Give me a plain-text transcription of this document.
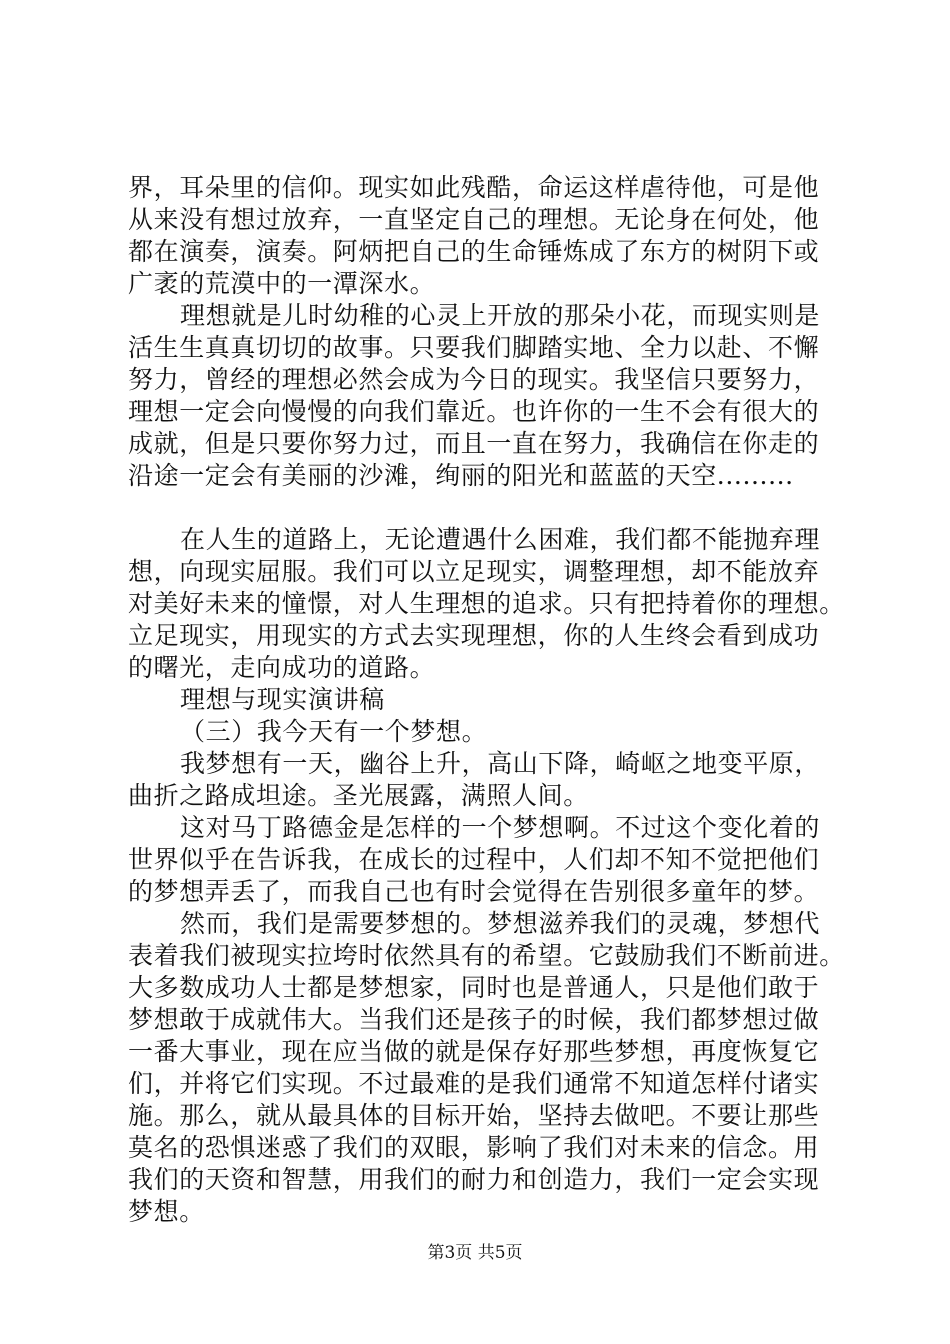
界，耳朵里的信仰。现实如此残酷，命运这样虐待他，可是他
从来没有想过放弃，一直坚定自己的理想。无论身在何处，他
都在演奏，演奏。阿炳把自己的生命锤炼成了东方的树阴下或
广袤的荒漠中的一潭深水。
理想就是儿时幼稚的心灵上开放的那朵小花，而现实则是
活生生真真切切的故事。只要我们脚踏实地、全力以赴、不懈
努力，曾经的理想必然会成为今日的现实。我坚信只要努力，
理想一定会向慢慢的向我们靠近。也许你的一生不会有很大的
成就，但是只要你努力过，而且一直在努力，我确信在你走的
沿途一定会有美丽的沙滩，绚丽的阳光和蓝蓝的天空.........
在人生的道路上，无论遭遇什么困难，我们都不能抛弃理
想，向现实屈服。我们可以立足现实，调整理想，却不能放弃
对美好未来的憧憬，对人生理想的追求。只有把持着你的理想。
立足现实，用现实的方式去实现理想，你的人生终会看到成功
的曙光，走向成功的道路。
理想与现实演讲稿
（三）我今天有一个梦想。
我梦想有一天，幽谷上升，高山下降，崎岖之地变平原，
曲折之路成坦途。圣光展露，满照人间。
这对马丁路德金是怎样的一个梦想啊。不过这个变化着的
世界似乎在告诉我，在成长的过程中，人们却不知不觉把他们
的梦想弄丢了，而我自己也有时会觉得在告别很多童年的梦。
然而，我们是需要梦想的。梦想滋养我们的灵魂，梦想代
表着我们被现实拉垮时依然具有的希望。它鼓励我们不断前进。
大多数成功人士都是梦想家，同时也是普通人，只是他们敢于
梦想敢于成就伟大。当我们还是孩子的时候，我们都梦想过做
一番大事业，现在应当做的就是保存好那些梦想，再度恢复它
们，并将它们实现。不过最难的是我们通常不知道怎样付诸实
施。那么，就从最具体的目标开始，坚持去做吧。不要让那些
莫名的恐惧迷惑了我们的双眼，影响了我们对未来的信念。用
我们的天资和智慧，用我们的耐力和创造力，我们一定会实现
梦想。
第3页 共5页
